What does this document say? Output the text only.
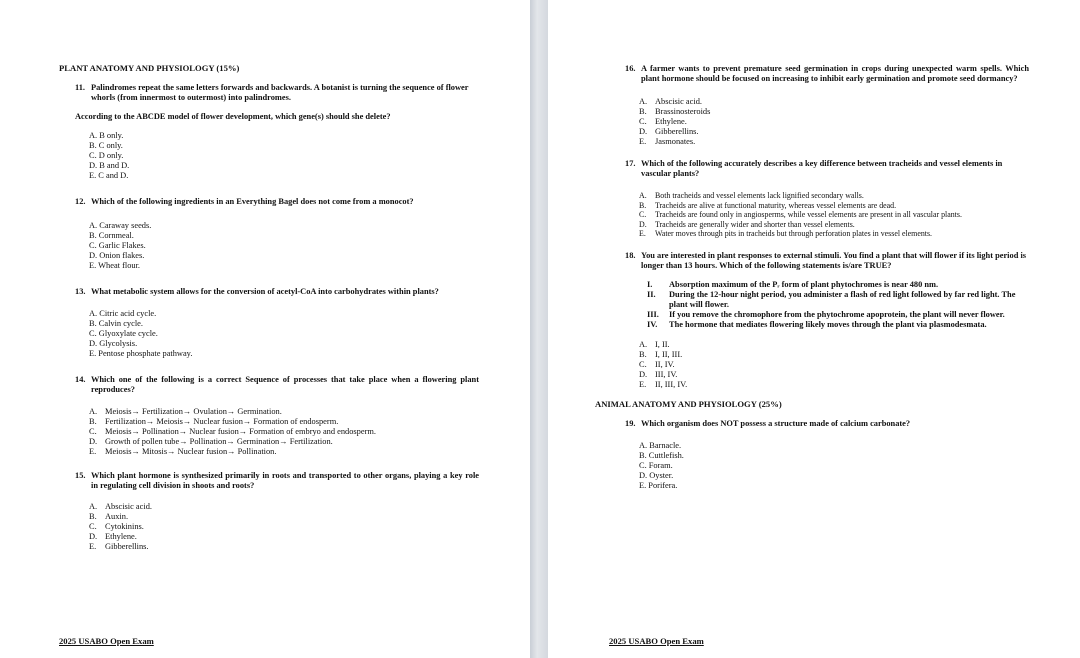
PLANT ANATOMY AND PHYSIOLOGY (15%)
11. Palindromes repeat the same letters forwards and backwards. A botanist is turning the sequence of flower whorls (from innermost to outermost) into palindromes.
According to the ABCDE model of flower development, which gene(s) should she delete?
A. B only.
B. C only.
C. D only.
D. B and D.
E. C and D.
12. Which of the following ingredients in an Everything Bagel does not come from a monocot?
A. Caraway seeds.
B. Cornmeal.
C. Garlic Flakes.
D. Onion flakes.
E. Wheat flour.
13. What metabolic system allows for the conversion of acetyl-CoA into carbohydrates within plants?
A. Citric acid cycle.
B. Calvin cycle.
C. Glyoxylate cycle.
D. Glycolysis.
E. Pentose phosphate pathway.
14. Which one of the following is a correct Sequence of processes that take place when a flowering plant reproduces?
A. Meiosis→ Fertilization→ Ovulation→ Germination.
B. Fertilization→ Meiosis→ Nuclear fusion→ Formation of endosperm.
C. Meiosis→ Pollination→ Nuclear fusion→ Formation of embryo and endosperm.
D. Growth of pollen tube→ Pollination→ Germination→ Fertilization.
E. Meiosis→ Mitosis→ Nuclear fusion→ Pollination.
15. Which plant hormone is synthesized primarily in roots and transported to other organs, playing a key role in regulating cell division in shoots and roots?
A. Abscisic acid.
B. Auxin.
C. Cytokinins.
D. Ethylene.
E. Gibberellins.
2025 USABO Open Exam
16. A farmer wants to prevent premature seed germination in crops during unexpected warm spells. Which plant hormone should be focused on increasing to inhibit early germination and promote seed dormancy?
A. Abscisic acid.
B. Brassinosteroids
C. Ethylene.
D. Gibberellins.
E. Jasmonates.
17. Which of the following accurately describes a key difference between tracheids and vessel elements in vascular plants?
A. Both tracheids and vessel elements lack lignified secondary walls.
B. Tracheids are alive at functional maturity, whereas vessel elements are dead.
C. Tracheids are found only in angiosperms, while vessel elements are present in all vascular plants.
D. Tracheids are generally wider and shorter than vessel elements.
E. Water moves through pits in tracheids but through perforation plates in vessel elements.
18. You are interested in plant responses to external stimuli. You find a plant that will flower if its light period is longer than 13 hours. Which of the following statements is/are TRUE?
I.	Absorption maximum of the Pᵣ form of plant phytochromes is near 480 nm.
II.	During the 12-hour night period, you administer a flash of red light followed by far red light. The plant will flower.
III.	If you remove the chromophore from the phytochrome apoprotein, the plant will never flower.
IV.	The hormone that mediates flowering likely moves through the plant via plasmodesmata.
A. I, II.
B. I, II, III.
C. II, IV.
D. III, IV.
E. II, III, IV.
ANIMAL ANATOMY AND PHYSIOLOGY (25%)
19. Which organism does NOT possess a structure made of calcium carbonate?
A. Barnacle.
B. Cuttlefish.
C. Foram.
D. Oyster.
E. Porifera.
2025 USABO Open Exam
